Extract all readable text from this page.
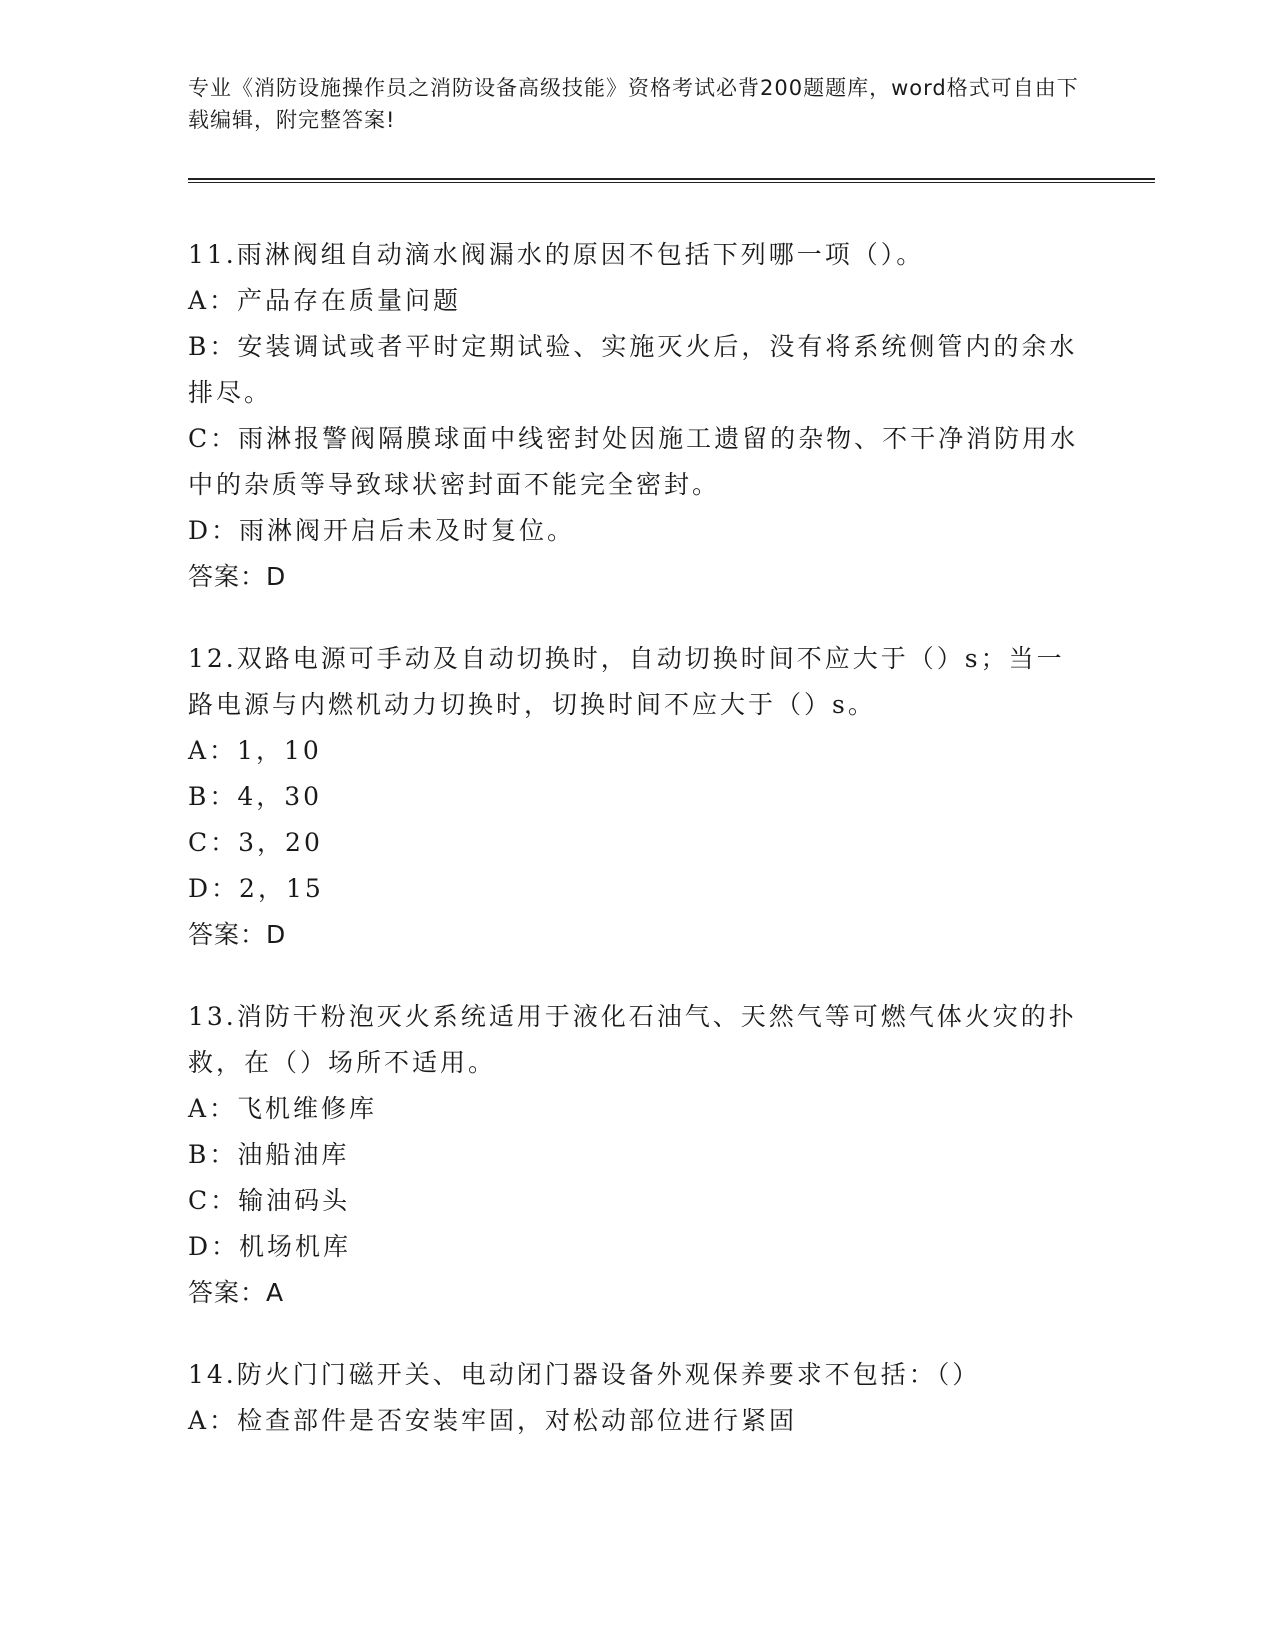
专业《消防设施操作员之消防设备高级技能》资格考试必背200题题库，word格式可自由下载编辑，附完整答案!

11.雨淋阀组自动滴水阀漏水的原因不包括下列哪一项（）。

A：产品存在质量问题

B：安装调试或者平时定期试验、实施灭火后，没有将系统侧管内的余水排尽。

C：雨淋报警阀隔膜球面中线密封处因施工遗留的杂物、不干净消防用水中的杂质等导致球状密封面不能完全密封。

D：雨淋阀开启后未及时复位。

答案：D

12.双路电源可手动及自动切换时，自动切换时间不应大于（）s；当一路电源与内燃机动力切换时，切换时间不应大于（）s。

A：1，10

B：4，30

C：3，20

D：2，15

答案：D

13.消防干粉泡灭火系统适用于液化石油气、天然气等可燃气体火灾的扑救，在（）场所不适用。

A：飞机维修库

B：油船油库

C：输油码头

D：机场机库

答案：A

14.防火门门磁开关、电动闭门器设备外观保养要求不包括：（）

A：检查部件是否安装牢固，对松动部位进行紧固
